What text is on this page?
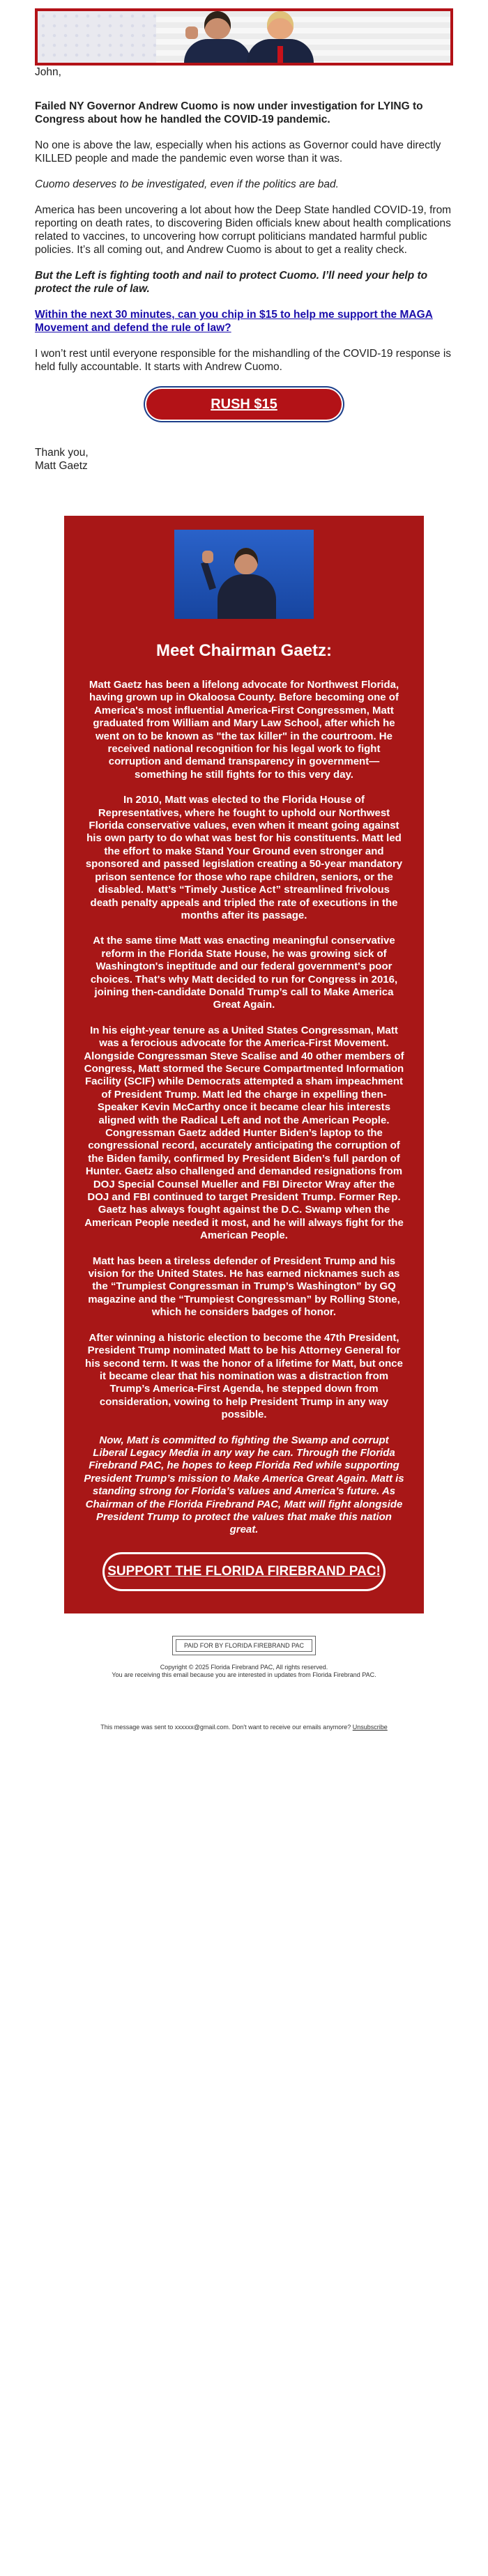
John,

Failed NY Governor Andrew Cuomo is now under investigation for LYING to Congress about how he handled the COVID-19 pandemic.

No one is above the law, especially when his actions as Governor could have directly KILLED people and made the pandemic even worse than it was.

Cuomo deserves to be investigated, even if the politics are bad.

America has been uncovering a lot about how the Deep State handled COVID-19, from reporting on death rates, to discovering Biden officials knew about health complications related to vaccines, to uncovering how corrupt politicians mandated harmful public policies. It’s all coming out, and Andrew Cuomo is about to get a reality check.

But the Left is fighting tooth and nail to protect Cuomo. I’ll need your help to protect the rule of law.

Within the next 30 minutes, can you chip in $15 to help me support the MAGA Movement and defend the rule of law?

I won’t rest until everyone responsible for the mishandling of the COVID-19 response is held fully accountable. It starts with Andrew Cuomo.

RUSH $15
Thank you,
Matt Gaetz
Meet Chairman Gaetz:

Matt Gaetz has been a lifelong advocate for Northwest Florida, having grown up in Okaloosa County. Before becoming one of America's most influential America-First Congressmen, Matt graduated from William and Mary Law School, after which he went on to be known as "the tax killer" in the courtroom. He received national recognition for his legal work to fight corruption and demand transparency in government—something he still fights for to this very day.

In 2010, Matt was elected to the Florida House of Representatives, where he fought to uphold our Northwest Florida conservative values, even when it meant going against his own party to do what was best for his constituents. Matt led the effort to make Stand Your Ground even stronger and sponsored and passed legislation creating a 50-year mandatory prison sentence for those who rape children, seniors, or the disabled. Matt’s “Timely Justice Act” streamlined frivolous death penalty appeals and tripled the rate of executions in the months after its passage.

At the same time Matt was enacting meaningful conservative reform in the Florida State House, he was growing sick of Washington's ineptitude and our federal government's poor choices. That's why Matt decided to run for Congress in 2016, joining then-candidate Donald Trump’s call to Make America Great Again.

In his eight-year tenure as a United States Congressman, Matt was a ferocious advocate for the America-First Movement. Alongside Congressman Steve Scalise and 40 other members of Congress, Matt stormed the Secure Compartmented Information Facility (SCIF) while Democrats attempted a sham impeachment of President Trump. Matt led the charge in expelling then-Speaker Kevin McCarthy once it became clear his interests aligned with the Radical Left and not the American People. Congressman Gaetz added Hunter Biden’s laptop to the congressional record, accurately anticipating the corruption of the Biden family, confirmed by President Biden’s full pardon of Hunter. Gaetz also challenged and demanded resignations from DOJ Special Counsel Mueller and FBI Director Wray after the DOJ and FBI continued to target President Trump. Former Rep. Gaetz has always fought against the D.C. Swamp when the American People needed it most, and he will always fight for the American People.

Matt has been a tireless defender of President Trump and his vision for the United States. He has earned nicknames such as the “Trumpiest Congressman in Trump’s Washington” by GQ magazine and the “Trumpiest Congressman” by Rolling Stone, which he considers badges of honor.

After winning a historic election to become the 47th President, President Trump nominated Matt to be his Attorney General for his second term. It was the honor of a lifetime for Matt, but once it became clear that his nomination was a distraction from Trump’s America-First Agenda, he stepped down from consideration, vowing to help President Trump in any way possible.

Now, Matt is committed to fighting the Swamp and corrupt Liberal Legacy Media in any way he can. Through the Florida Firebrand PAC, he hopes to keep Florida Red while supporting President Trump’s mission to Make America Great Again. Matt is standing strong for Florida’s values and America’s future. As Chairman of the Florida Firebrand PAC, Matt will fight alongside President Trump to protect the values that make this nation great.

SUPPORT THE FLORIDA FIREBRAND PAC!
PAID FOR BY FLORIDA FIREBRAND PAC
Copyright © 2025 Florida Firebrand PAC, All rights reserved.
You are receiving this email because you are interested in updates from Florida Firebrand PAC.
This message was sent to xxxxxx@gmail.com. Don't want to receive our emails anymore? Unsubscribe
